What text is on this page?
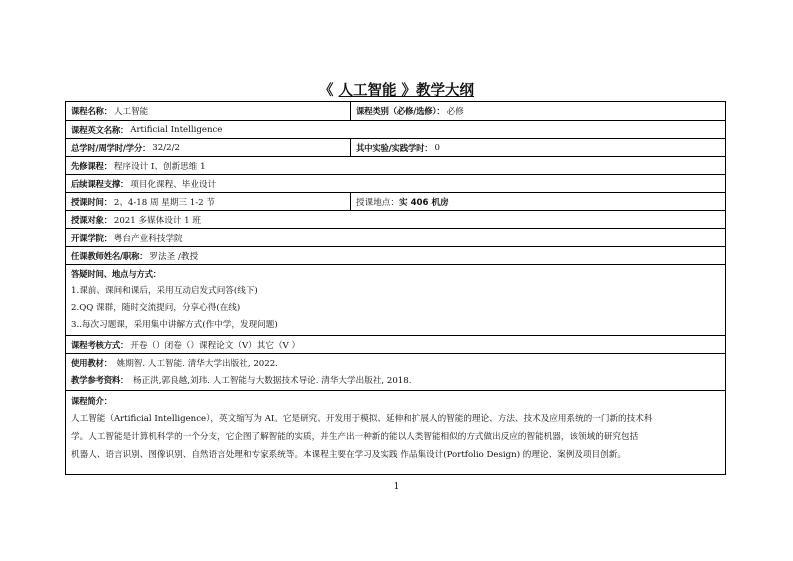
《 人工智能 》教学大纲
课程名称： 人工智能	课程类别（必修/选修）： 必修
课程英文名称： Artificial Intelligence
总学时/周学时/学分： 32/2/2	其中实验/实践学时： 0
先修课程： 程序设计 I、创新思维 1
后续课程支撑： 项目化课程、毕业设计
授课时间： 2、4-18 周 星期三 1-2 节	授课地点： 实 406 机房
授课对象： 2021 多媒体设计 1 班
开课学院： 粤台产业科技学院
任课教师姓名/职称： 罗法圣 /教授
答疑时间、地点与方式：
1.课前、课间和课后，采用互动启发式问答(线下)
2.QQ 课群，随时交流提问，分享心得(在线)
3..每次习题课，采用集中讲解方式(作中学，发现问题)
课程考核方式： 开卷（）闭卷（）课程论文（V）其它（V ）
使用教材： 姚期智. 人工智能. 清华大学出版社, 2022.
教学参考资料： 杨正洪,郭良越,刘玮. 人工智能与大数据技术导论. 清华大学出版社, 2018.
课程简介：
人工智能（Artificial Intelligence），英文缩写为 AI。它是研究、开发用于模拟、延伸和扩展人的智能的理论、方法、技术及应用系统的一门新的技术科
学。人工智能是计算机科学的一个分支，它企图了解智能的实质，并生产出一种新的能以人类智能相似的方式做出反应的智能机器，该领域的研究包括
机器人、语言识别、图像识别、自然语言处理和专家系统等。本课程主要在学习及实践 作品集设计(Portfolio Design) 的理论、案例及项目创新。
1
